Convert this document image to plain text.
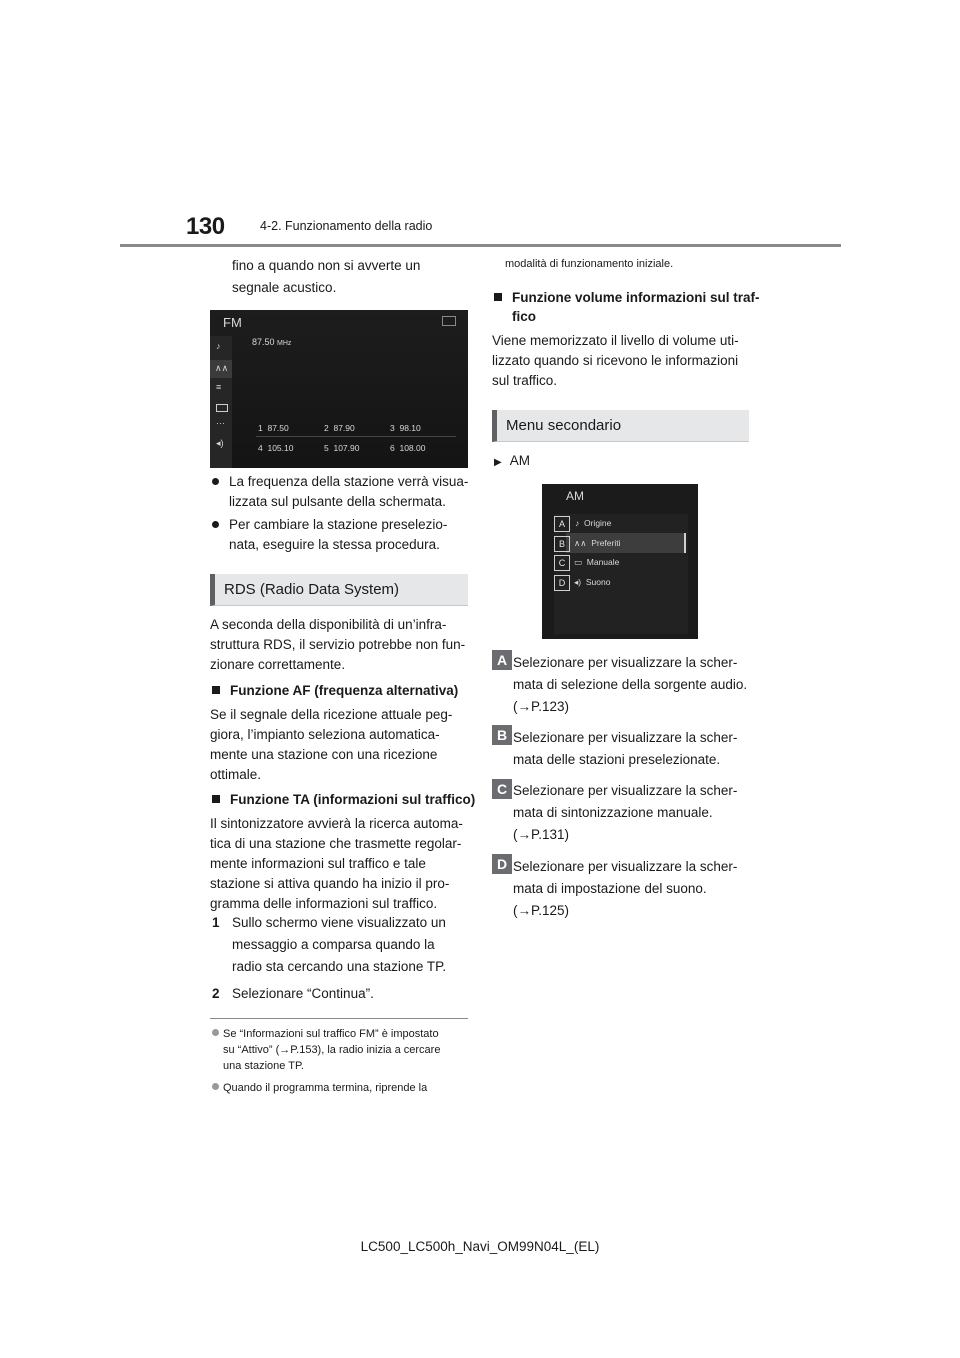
130	4-2. Funzionamento della radio
fino a quando non si avverte un
segnale acustico.
FM
87.50 MHz
♪
∧∧
≡
···
◂)
1 87.50	2 87.90	3 98.10
4 105.10	5 107.90	6 108.00
La frequenza della stazione verrà visua-
lizzata sul pulsante della schermata.
Per cambiare la stazione preselezio-
nata, eseguire la stessa procedura.
RDS (Radio Data System)
A seconda della disponibilità di un’infra-
struttura RDS, il servizio potrebbe non fun-
zionare correttamente.
Funzione AF (frequenza alternativa)
Se il segnale della ricezione attuale peg-
giora, l’impianto seleziona automatica-
mente una stazione con una ricezione
ottimale.
Funzione TA (informazioni sul traffico)
Il sintonizzatore avvierà la ricerca automa-
tica di una stazione che trasmette regolar-
mente informazioni sul traffico e tale
stazione si attiva quando ha inizio il pro-
gramma delle informazioni sul traffico.
1 Sullo schermo viene visualizzato un
messaggio a comparsa quando la
radio sta cercando una stazione TP.
2 Selezionare “Continua”.
Se “Informazioni sul traffico FM” è impostato
su “Attivo” (→P.153), la radio inizia a cercare
una stazione TP.
Quando il programma termina, riprende la
modalità di funzionamento iniziale.
Funzione volume informazioni sul traf-
fico
Viene memorizzato il livello di volume uti-
lizzato quando si ricevono le informazioni
sul traffico.
Menu secondario
▶ AM
AM
A
B
C
D
♪ Origine
∧∧ Preferiti
▭ Manuale
◂) Suono
A Selezionare per visualizzare la scher-
mata di selezione della sorgente audio.
(→P.123)
B Selezionare per visualizzare la scher-
mata delle stazioni preselezionate.
C Selezionare per visualizzare la scher-
mata di sintonizzazione manuale.
(→P.131)
D Selezionare per visualizzare la scher-
mata di impostazione del suono.
(→P.125)
LC500_LC500h_Navi_OM99N04L_(EL)
